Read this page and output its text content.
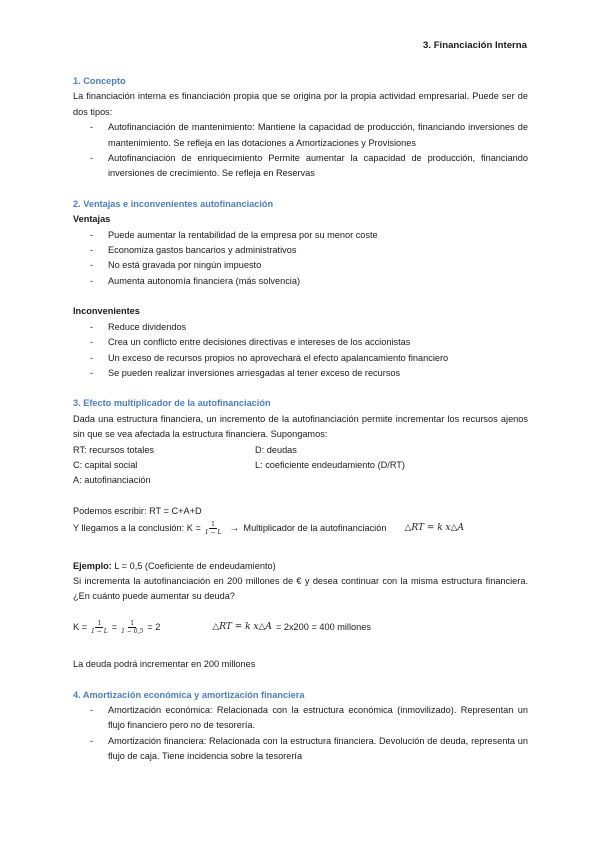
3. Financiación Interna

1. Concepto

La financiación interna es financiación propia que se origina por la propia actividad empresarial. Puede ser de dos tipos:

- Autofinanciación de mantenimiento: Mantiene la capacidad de producción, financiando inversiones de mantenimiento. Se refleja en las dotaciones a Amortizaciones y Provisiones
- Autofinanciación de enriquecimiento Permite aumentar la capacidad de producción, financiando inversiones de crecimiento. Se refleja en Reservas

2. Ventajas e inconvenientes autofinanciación

Ventajas

- Puede aumentar la rentabilidad de la empresa por su menor coste
- Economiza gastos bancarios y administrativos
- No está gravada por ningún impuesto
- Aumenta autonomía financiera (más solvencia)

Inconvenientes

- Reduce dividendos
- Crea un conflicto entre decisiones directivas e intereses de los accionistas
- Un exceso de recursos propios no aprovechará el efecto apalancamiento financiero
- Se pueden realizar inversiones arriesgadas al tener exceso de recursos

3. Efecto multiplicador de la autofinanciación

Dada una estructura financiera, un incremento de la autofinanciación permite incrementar los recursos ajenos sin que se vea afectada la estructura financiera. Supongamos:

RT: recursos totales	D: deudas
C: capital social	L: coeficiente endeudamiento (D/RT)

A: autofinanciación

Podemos escribir: RT = C+A+D

Y llegamos a la conclusión: $K = \frac{1}{1 - L}$ → Multiplicador de la autofinanciación △RT = k x△A

Ejemplo: L = 0,5 (Coeficiente de endeudamiento)

Si incrementa la autofinanciación en 200 millones de € y desea continuar con la misma estructura financiera. ¿En cuánto puede aumentar su deuda?

$K = \frac{1}{1 - L} = \frac{1}{1 - 0,5} = 2$	△RT = k x△A = 2x200 = 400 millones

La deuda podrá incrementar en 200 millones

4. Amortización económica y amortización financiera

- Amortización económica: Relacionada con la estructura económica (inmovilizado). Representan un flujo financiero pero no de tesorería.
- Amortización financiera: Relacionada con la estructura financiera. Devolución de deuda, representa un flujo de caja. Tiene incidencia sobre la tesorería
